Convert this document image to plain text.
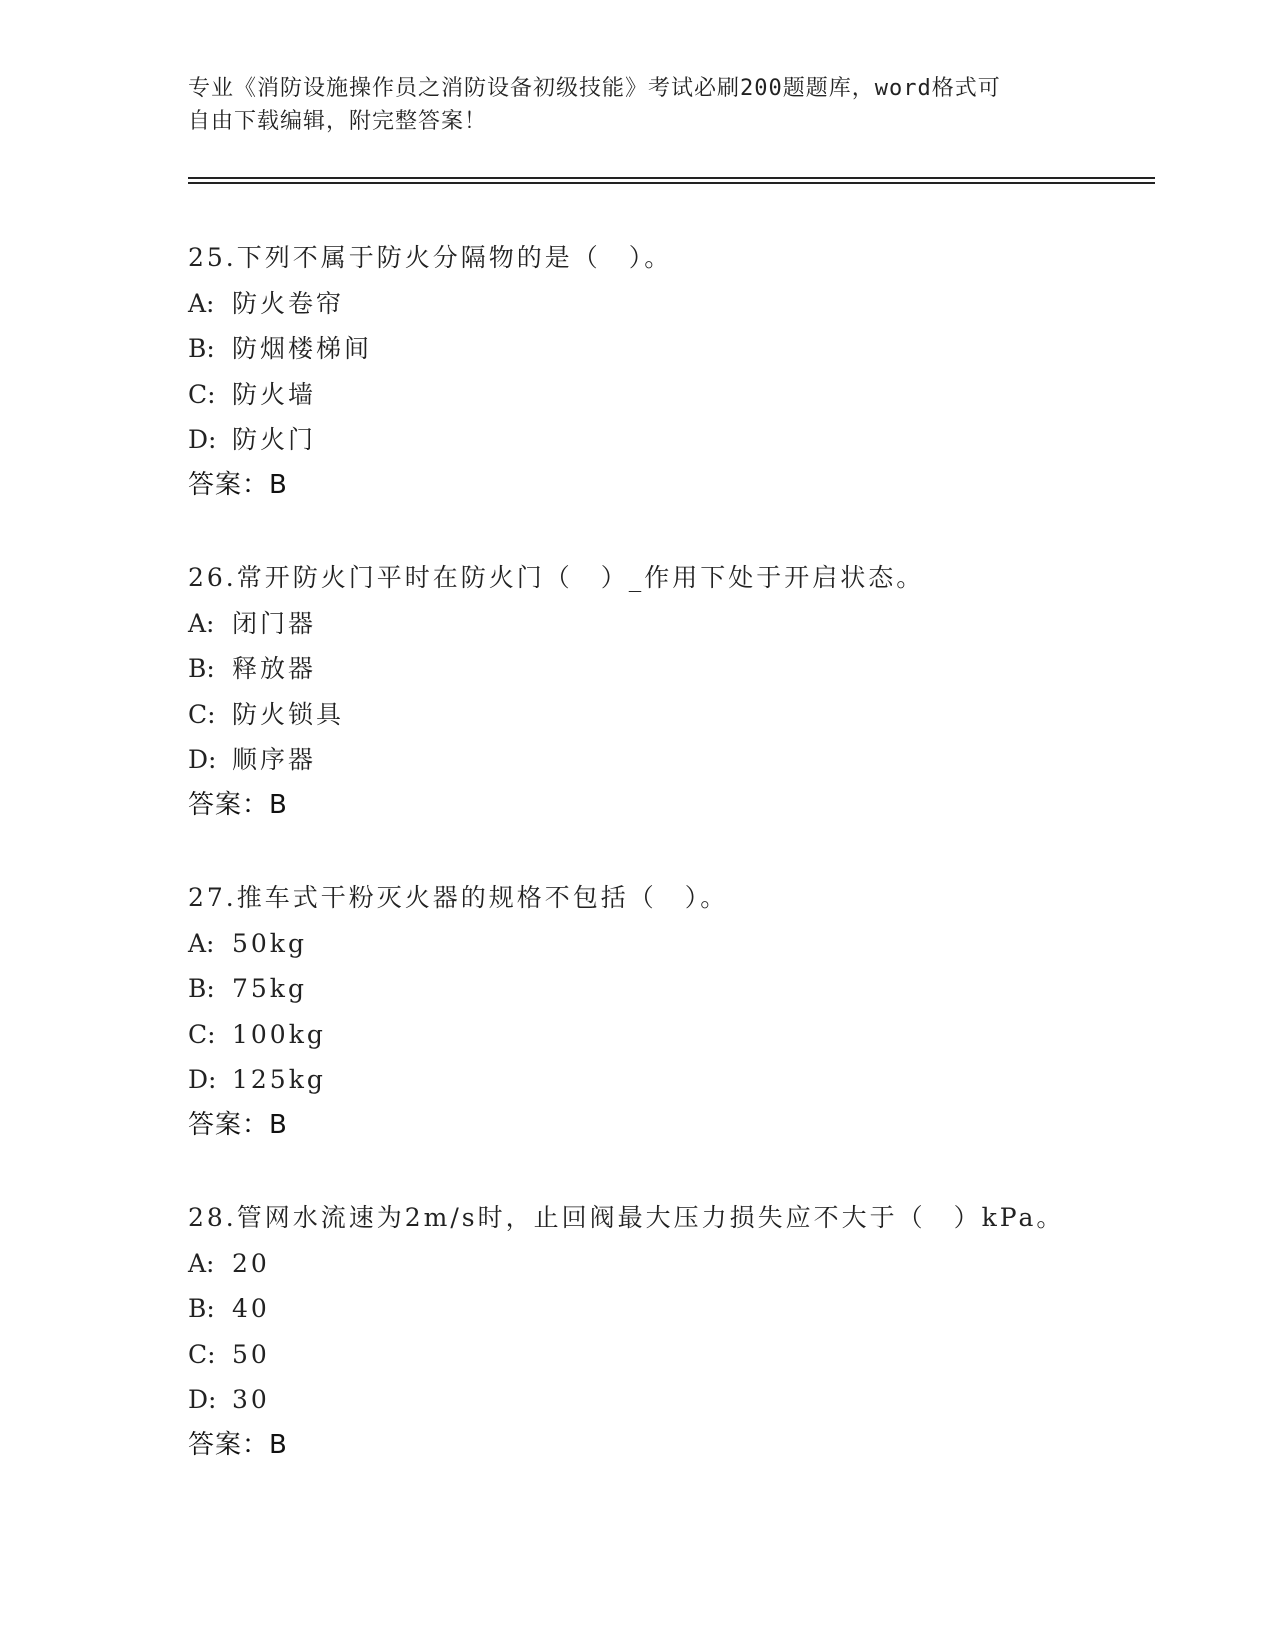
专业《消防设施操作员之消防设备初级技能》考试必刷200题题库，word格式可
自由下载编辑，附完整答案！
25.下列不属于防火分隔物的是（　）。
A: 防火卷帘
B: 防烟楼梯间
C: 防火墙
D: 防火门
答案：B
26.常开防火门平时在防火门（　）_作用下处于开启状态。
A: 闭门器
B: 释放器
C: 防火锁具
D: 顺序器
答案：B
27.推车式干粉灭火器的规格不包括（　）。
A: 50kg
B: 75kg
C: 100kg
D: 125kg
答案：B
28.管网水流速为2m/s时，止回阀最大压力损失应不大于（　）kPa。
A: 20
B: 40
C: 50
D: 30
答案：B
